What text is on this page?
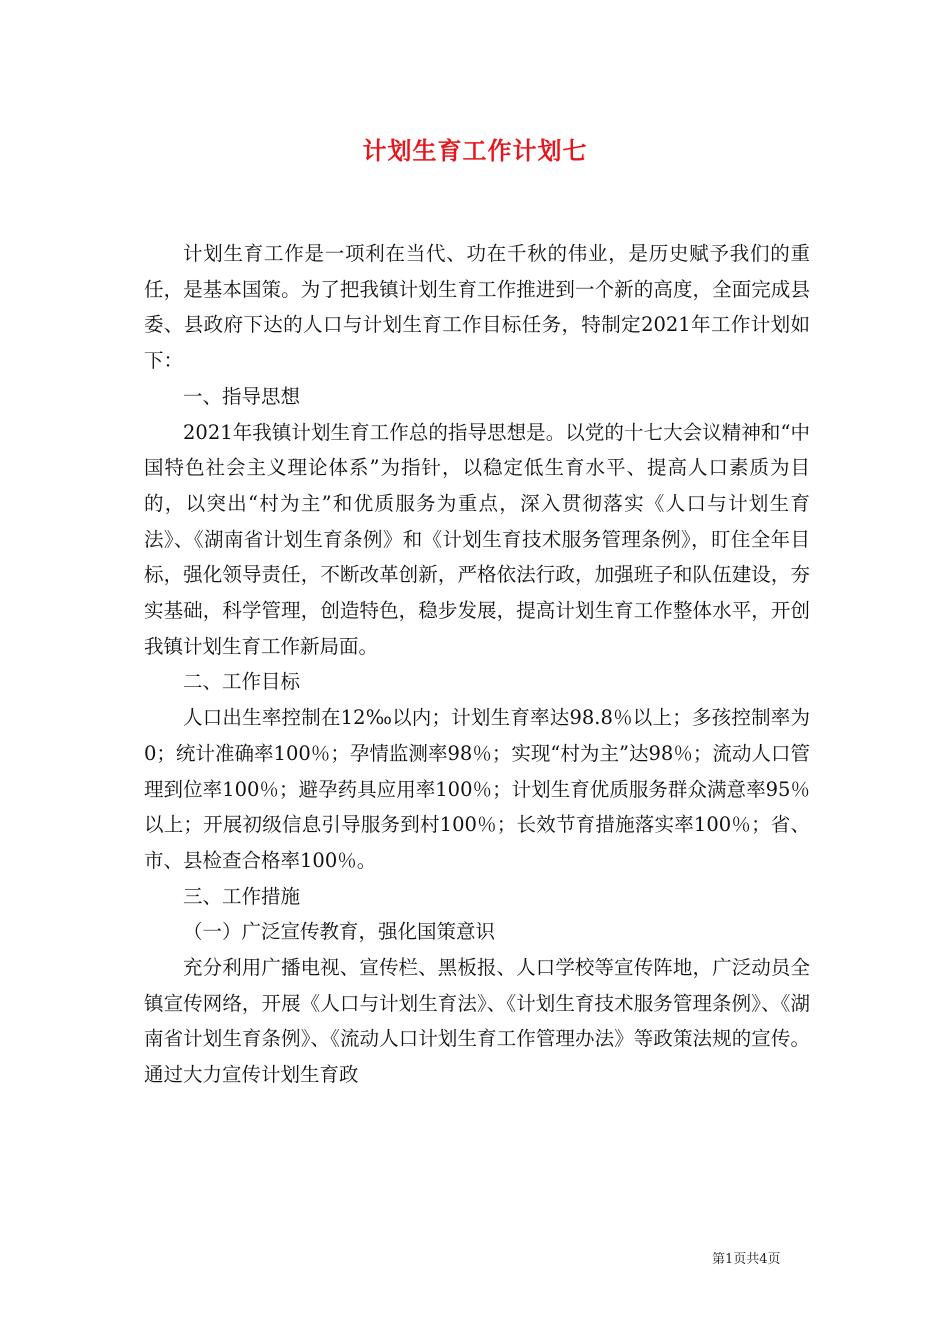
计划生育工作计划七

计划生育工作是一项利在当代、功在千秋的伟业，是历史赋予我们的重任，是基本国策。为了把我镇计划生育工作推进到一个新的高度，全面完成县委、县政府下达的人口与计划生育工作目标任务，特制定2021年工作计划如下：

一、指导思想

2021年我镇计划生育工作总的指导思想是。以党的十七大会议精神和“中国特色社会主义理论体系”为指针，以稳定低生育水平、提高人口素质为目的，以突出“村为主”和优质服务为重点，深入贯彻落实《人口与计划生育法》、《湖南省计划生育条例》和《计划生育技术服务管理条例》，盯住全年目标，强化领导责任，不断改革创新，严格依法行政，加强班子和队伍建设，夯实基础，科学管理，创造特色，稳步发展，提高计划生育工作整体水平，开创我镇计划生育工作新局面。

二、工作目标

人口出生率控制在12‰以内；计划生育率达98.8％以上；多孩控制率为0；统计准确率100％；孕情监测率98％；实现“村为主”达98％；流动人口管理到位率100％；避孕药具应用率100％；计划生育优质服务群众满意率95％以上；开展初级信息引导服务到村100％；长效节育措施落实率100％；省、市、县检查合格率100％。

三、工作措施

（一）广泛宣传教育，强化国策意识

充分利用广播电视、宣传栏、黑板报、人口学校等宣传阵地，广泛动员全镇宣传网络，开展《人口与计划生育法》、《计划生育技术服务管理条例》、《湖南省计划生育条例》、《流动人口计划生育工作管理办法》等政策法规的宣传。通过大力宣传计划生育政

第1页共4页
